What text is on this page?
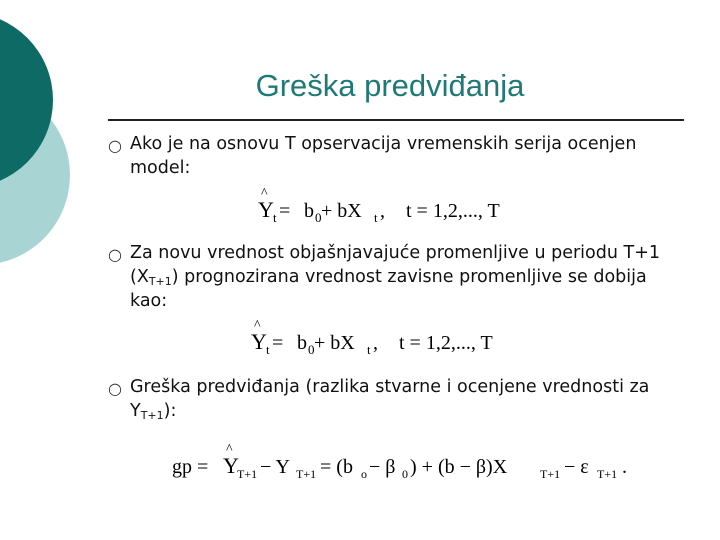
Greška predviđanja
○ Ako je na osnovu T opservacija vremenskih serija ocenjen model:
^
Y t = b 0 + bX t , t = 1,2,..., T
○ Za novu vrednost objašnjavajuće promenljive u periodu T+1 $(X_{T+1})$ prognozirana vrednost zavisne promenljive se dobija kao:
^
Y t = b 0 + bX t , t = 1,2,..., T
○ Greška predviđanja (razlika stvarne i ocenjene vrednosti za $Y_{T+1}$):
gp =
^
Y
T+1 − Y T+1 = (b o − β 0 ) + (b − β)X	T+1 − ε T+1 .
